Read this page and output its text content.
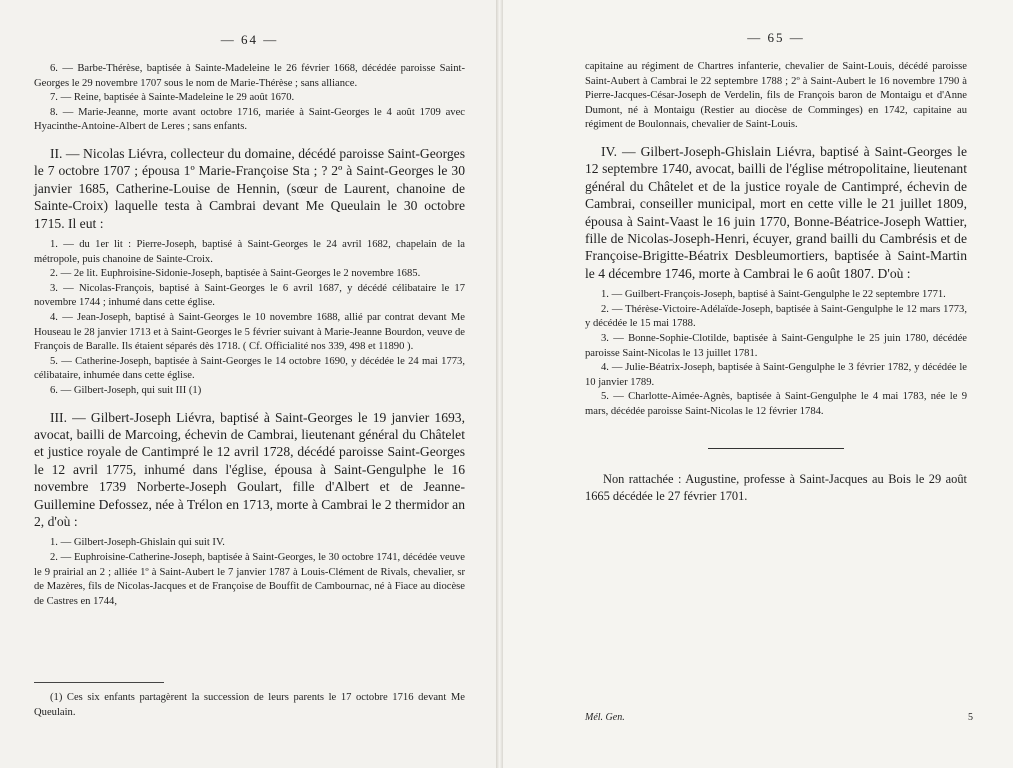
— 64 —

6. — Barbe-Thérèse, baptisée à Sainte-Madeleine le 26 février 1668, décédée paroisse Saint-Georges le 29 novembre 1707 sous le nom de Marie-Thérèse ; sans alliance.

7. — Reine, baptisée à Sainte-Madeleine le 29 août 1670.

8. — Marie-Jeanne, morte avant octobre 1716, mariée à Saint-Georges le 4 août 1709 avec Hyacinthe-Antoine-Albert de Leres ; sans enfants.

II. — Nicolas Liévra, collecteur du domaine, décédé paroisse Saint-Georges le 7 octobre 1707 ; épousa 1º Marie-Françoise Sta ; ? 2º à Saint-Georges le 30 janvier 1685, Catherine-Louise de Hennin, (sœur de Laurent, chanoine de Sainte-Croix) laquelle testa à Cambrai devant Me Queulain le 30 octobre 1715. Il eut :

1. — du 1er lit : Pierre-Joseph, baptisé à Saint-Georges le 24 avril 1682, chapelain de la métropole, puis chanoine de Sainte-Croix.

2. — 2e lit. Euphroisine-Sidonie-Joseph, baptisée à Saint-Georges le 2 novembre 1685.

3. — Nicolas-François, baptisé à Saint-Georges le 6 avril 1687, y décédé célibataire le 17 novembre 1744 ; inhumé dans cette église.

4. — Jean-Joseph, baptisé à Saint-Georges le 10 novembre 1688, allié par contrat devant Me Houseau le 28 janvier 1713 et à Saint-Georges le 5 février suivant à Marie-Jeanne Bourdon, veuve de François de Baralle. Ils étaient séparés dès 1718. ( Cf. Officialité nos 339, 498 et 11890 ).

5. — Catherine-Joseph, baptisée à Saint-Georges le 14 octobre 1690, y décédée le 24 mai 1773, célibataire, inhumée dans cette église.

6. — Gilbert-Joseph, qui suit III (1)

III. — Gilbert-Joseph Liévra, baptisé à Saint-Georges le 19 janvier 1693, avocat, bailli de Marcoing, échevin de Cambrai, lieutenant général du Châtelet et justice royale de Cantimpré le 12 avril 1728, décédé paroisse Saint-Georges le 12 avril 1775, inhumé dans l'église, épousa à Saint-Gengulphe le 16 novembre 1739 Norberte-Joseph Goulart, fille d'Albert et de Jeanne-Guillemine Defossez, née à Trélon en 1713, morte à Cambrai le 2 thermidor an 2, d'où :

1. — Gilbert-Joseph-Ghislain qui suit IV.

2. — Euphroisine-Catherine-Joseph, baptisée à Saint-Georges, le 30 octobre 1741, décédée veuve le 9 prairial an 2 ; alliée 1º à Saint-Aubert le 7 janvier 1787 à Louis-Clément de Rivals, chevalier, sr de Mazères, fils de Nicolas-Jacques et de Françoise de Bouffit de Cambournac, né à Fiace au diocèse de Castres en 1744,

(1) Ces six enfants partagèrent la succession de leurs parents le 17 octobre 1716 devant Me Queulain.

— 65 —

capitaine au régiment de Chartres infanterie, chevalier de Saint-Louis, décédé paroisse Saint-Aubert à Cambrai le 22 septembre 1788 ; 2º à Saint-Aubert le 16 novembre 1790 à Pierre-Jacques-César-Joseph de Verdelin, fils de François baron de Montaigu et d'Anne Dumont, né à Montaigu (Restier au diocèse de Comminges) en 1742, capitaine au régiment de Boulonnais, chevalier de Saint-Louis.

IV. — Gilbert-Joseph-Ghislain Liévra, baptisé à Saint-Georges le 12 septembre 1740, avocat, bailli de l'église métropolitaine, lieutenant général du Châtelet et de la justice royale de Cantimpré, échevin de Cambrai, conseiller municipal, mort en cette ville le 21 juillet 1809, épousa à Saint-Vaast le 16 juin 1770, Bonne-Béatrice-Joseph Wattier, fille de Nicolas-Joseph-Henri, écuyer, grand bailli du Cambrésis et de Françoise-Brigitte-Béatrix Desbleumortiers, baptisée à Saint-Martin le 4 décembre 1746, morte à Cambrai le 6 août 1807. D'où :

1. — Guilbert-François-Joseph, baptisé à Saint-Gengulphe le 22 septembre 1771.

2. — Thérèse-Victoire-Adélaïde-Joseph, baptisée à Saint-Gengulphe le 12 mars 1773, y décédée le 15 mai 1788.

3. — Bonne-Sophie-Clotilde, baptisée à Saint-Gengulphe le 25 juin 1780, décédée paroisse Saint-Nicolas le 13 juillet 1781.

4. — Julie-Béatrix-Joseph, baptisée à Saint-Gengulphe le 3 février 1782, y décédée le 10 janvier 1789.

5. — Charlotte-Aimée-Agnès, baptisée à Saint-Gengulphe le 4 mai 1783, née le 9 mars, décédée paroisse Saint-Nicolas le 12 février 1784.

Non rattachée : Augustine, professe à Saint-Jacques au Bois le 29 août 1665 décédée le 27 février 1701.

Mél. Gen.	5
